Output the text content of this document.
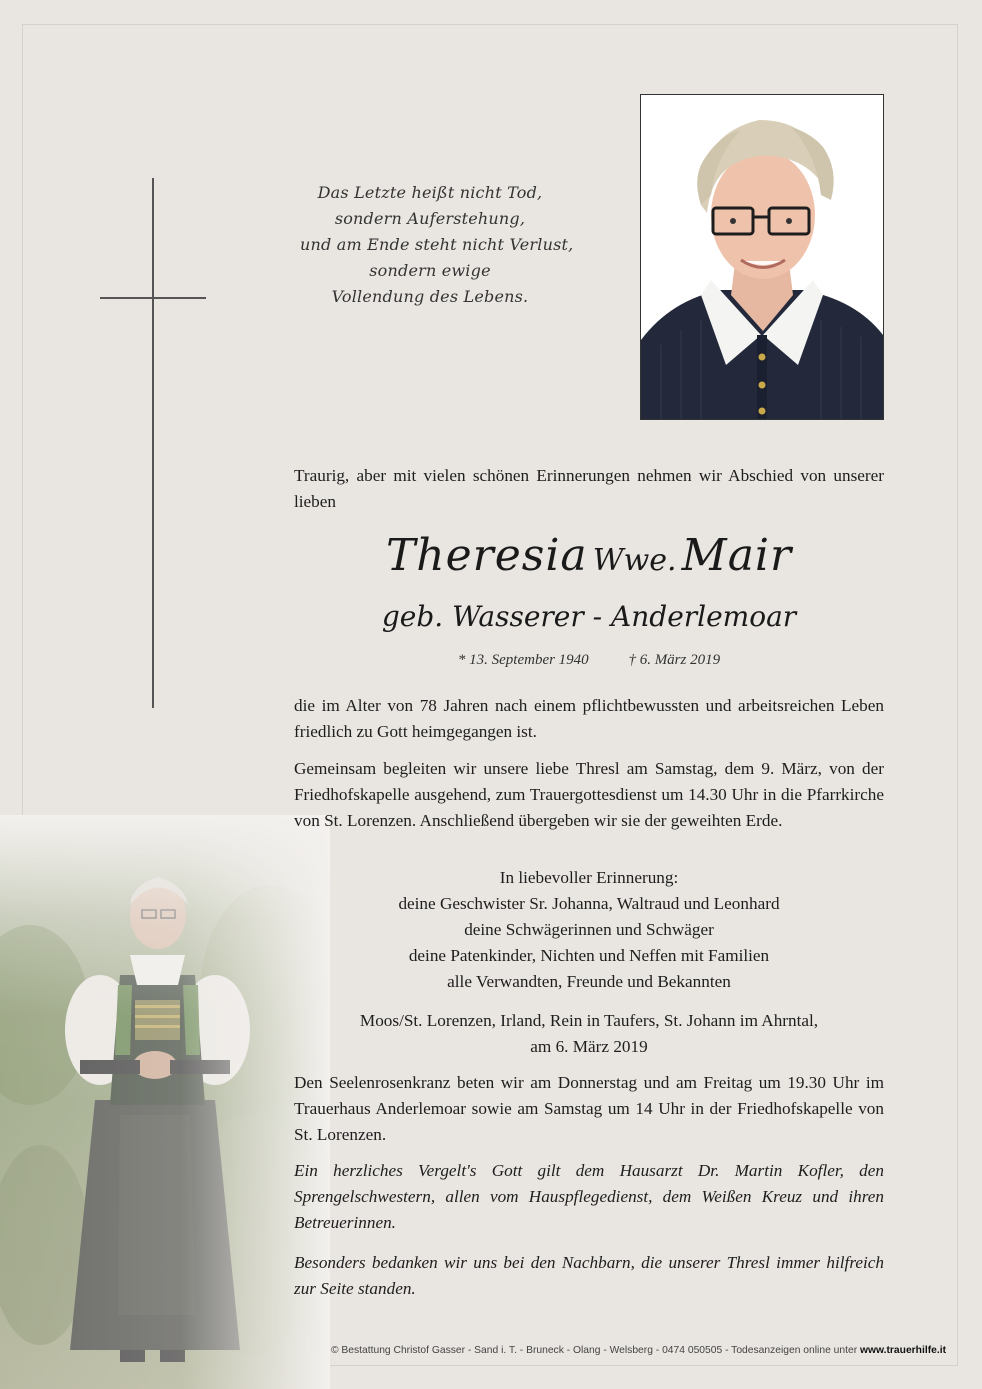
Das Letzte heißt nicht Tod,
sondern Auferstehung,
und am Ende steht nicht Verlust,
sondern ewige
Vollendung des Lebens.
Traurig, aber mit vielen schönen Erinnerungen nehmen wir Abschied von unserer lieben
Theresia Wwe. Mair
geb. Wasserer - Anderlemoar
* 13. September 1940	† 6. März 2019
die im Alter von 78 Jahren nach einem pflichtbewussten und arbeitsreichen Leben friedlich zu Gott heimgegangen ist.
Gemeinsam begleiten wir unsere liebe Thresl am Samstag, dem 9. März, von der Friedhofskapelle ausgehend, zum Trauergottesdienst um 14.30 Uhr in die Pfarrkirche von St. Lorenzen. Anschließend übergeben wir sie der geweihten Erde.
In liebevoller Erinnerung:
deine Geschwister Sr. Johanna, Waltraud und Leonhard
deine Schwägerinnen und Schwäger
deine Patenkinder, Nichten und Neffen mit Familien
alle Verwandten, Freunde und Bekannten
Moos/St. Lorenzen, Irland, Rein in Taufers, St. Johann im Ahrntal,
am 6. März 2019
Den Seelenrosenkranz beten wir am Donnerstag und am Freitag um 19.30 Uhr im Trauerhaus Anderlemoar sowie am Samstag um 14 Uhr in der Friedhofskapelle von St. Lorenzen.
Ein herzliches Vergelt's Gott gilt dem Hausarzt Dr. Martin Kofler, den Sprengelschwestern, allen vom Hauspflegedienst, dem Weißen Kreuz und ihren Betreuerinnen.
Besonders bedanken wir uns bei den Nachbarn, die unserer Thresl immer hilfreich zur Seite standen.
© Bestattung Christof Gasser - Sand i. T. - Bruneck - Olang - Welsberg - 0474 050505 - Todesanzeigen online unter www.trauerhilfe.it
